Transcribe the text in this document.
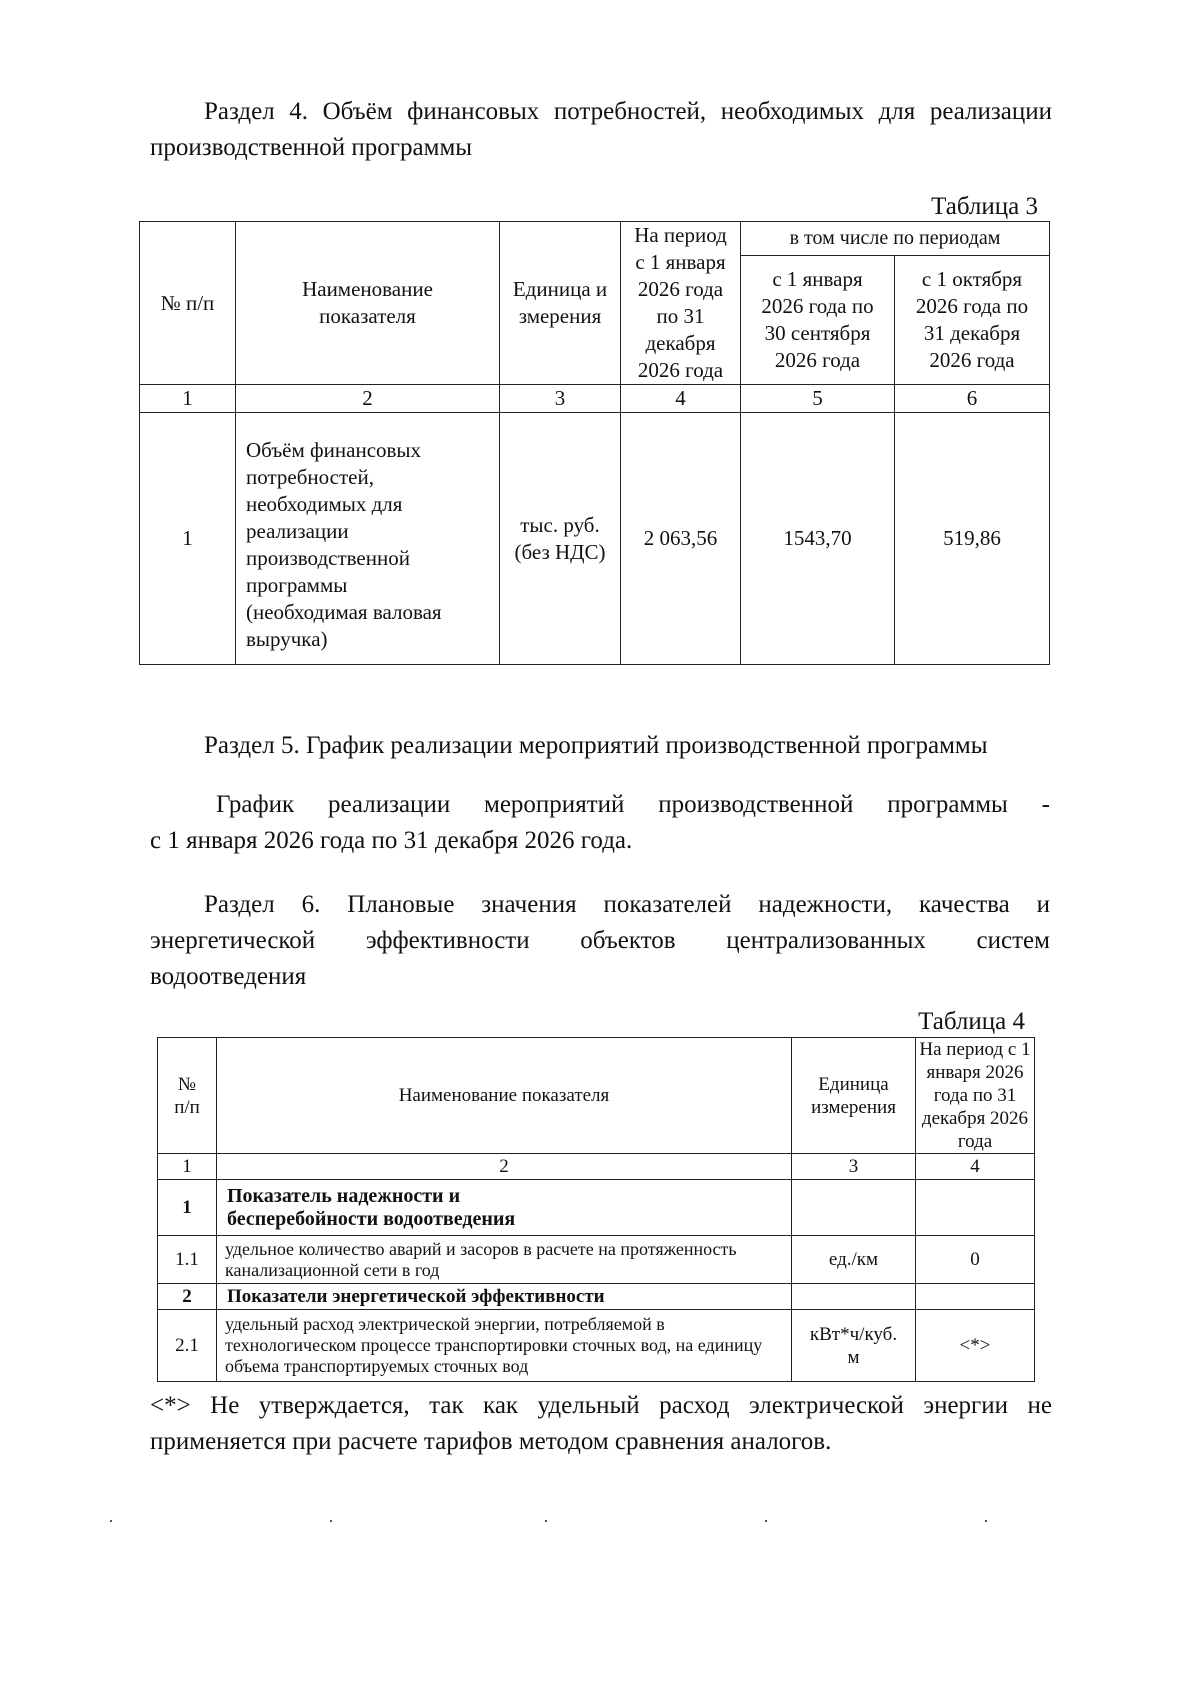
Раздел 4. Объём финансовых потребностей, необходимых для реализации
производственной программы
Таблица 3
№ п/п	Наименование показателя	Единица измерения	На период с 1 января 2026 года по 31 декабря 2026 года	в том числе по периодам	
				с 1 января 2026 года по 30 сентября 2026 года	с 1 октября 2026 года по 31 декабря 2026 года
1	2	3	4	5	6
1	Объём финансовых потребностей, необходимых для реализации производственной программы (необходимая валовая выручка)	тыс. руб. (без НДС)	2 063,56	1543,70	519,86
Раздел 5. График реализации мероприятий производственной программы
График реализации мероприятий производственной программы -
с 1 января 2026 года по 31 декабря 2026 года.
Раздел 6. Плановые значения показателей надежности, качества и
энергетической эффективности объектов централизованных систем
водоотведения
Таблица 4
№ п/п	Наименование показателя	Единица измерения	На период с 1 января 2026 года по 31 декабря 2026 года
1	2	3	4
1	Показатель надежности и бесперебойности водоотведения		
1.1	удельное количество аварий и засоров в расчете на протяженность канализационной сети в год	ед./км	0
2	Показатели энергетической эффективности		
2.1	удельный расход электрической энергии, потребляемой в технологическом процессе транспортировки сточных вод, на единицу объема транспортируемых сточных вод	кВт*ч/куб. м	<*>
<*> Не утверждается, так как удельный расход электрической энергии не
применяется при расчете тарифов методом сравнения аналогов.
